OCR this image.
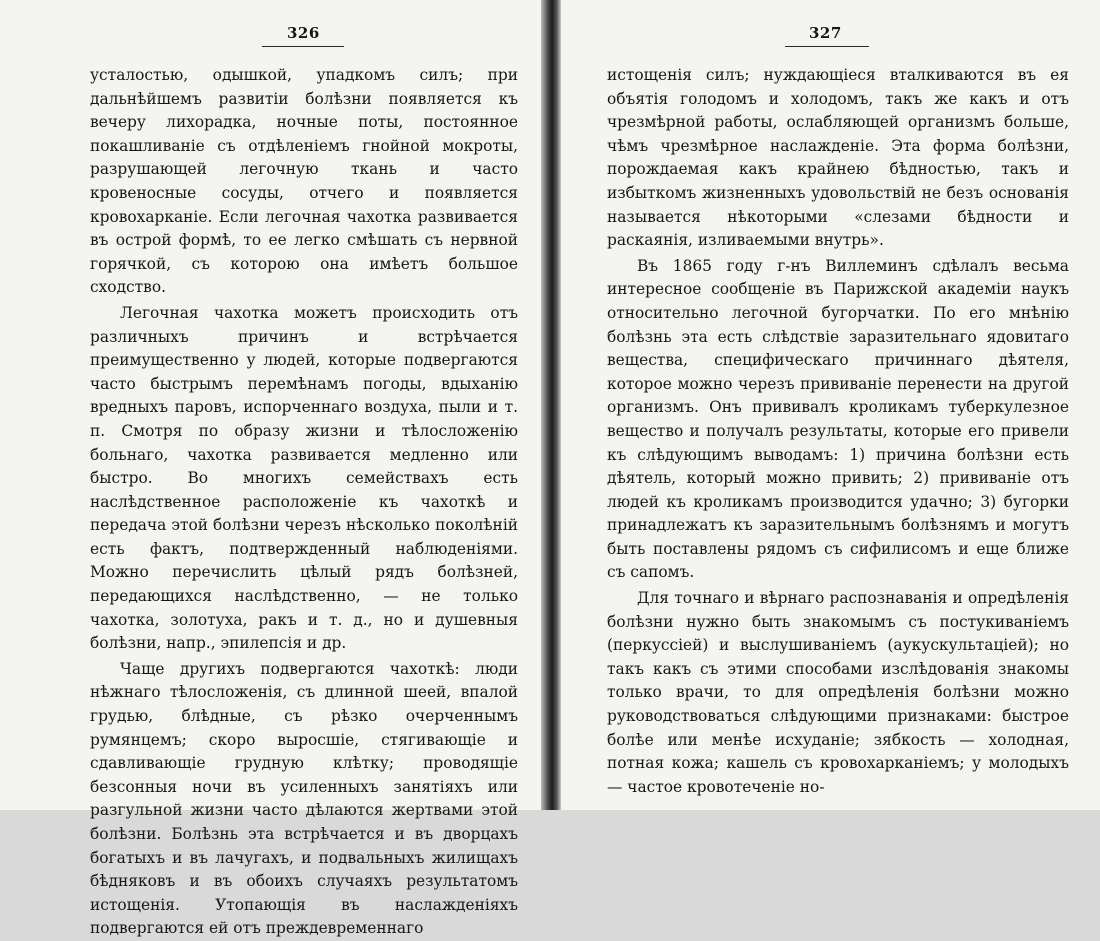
326

усталостью, одышкой, упадкомъ силъ; при дальнѣйшемъ развитіи болѣзни появляется къ вечеру лихорадка, ночные поты, постоянное покашливаніе съ отдѣленіемъ гнойной мокроты, разрушающей легочную ткань и часто кровеносные сосуды, отчего и появляется кровохарканіе. Если легочная чахотка развивается въ острой формѣ, то ее легко смѣшать съ нервной горячкой, съ которою она имѣетъ большое сходство.

Легочная чахотка можетъ происходить отъ различныхъ причинъ и встрѣчается преимущественно у людей, которые подвергаются часто быстрымъ перемѣнамъ погоды, вдыханію вредныхъ паровъ, испорченнаго воздуха, пыли и т. п. Смотря по образу жизни и тѣлосложенію больнаго, чахотка развивается медленно или быстро. Во многихъ семействахъ есть наслѣдственное расположеніе къ чахоткѣ и передача этой болѣзни черезъ нѣсколько поколѣній есть фактъ, подтвержденный наблюденіями. Можно перечислить цѣлый рядъ болѣзней, передающихся наслѣдственно, — не только чахотка, золотуха, ракъ и т. д., но и душевныя болѣзни, напр., эпилепсія и др.

Чаще другихъ подвергаются чахоткѣ: люди нѣжнаго тѣлосложенія, съ длинной шеей, впалой грудью, блѣдные, съ рѣзко очерченнымъ румянцемъ; скоро выросшіе, стягивающіе и сдавливающіе грудную клѣтку; проводящіе безсонныя ночи въ усиленныхъ занятіяхъ или разгульной жизни часто дѣлаются жертвами этой болѣзни. Болѣзнь эта встрѣчается и въ дворцахъ богатыхъ и въ лачугахъ, и подвальныхъ жилищахъ бѣдняковъ и въ обоихъ случаяхъ результатомъ истощенія. Утопающія въ наслажденіяхъ подвергаются ей отъ преждевременнаго

327

истощенія силъ; нуждающіеся вталкиваются въ ея объятія голодомъ и холодомъ, такъ же какъ и отъ чрезмѣрной работы, ослабляющей организмъ больше, чѣмъ чрезмѣрное наслажденіе. Эта форма болѣзни, порождаемая какъ крайнею бѣдностью, такъ и избыткомъ жизненныхъ удовольствій не безъ основанія называется нѣкоторыми «слезами бѣдности и раскаянія, изливаемыми внутрь».

Въ 1865 году г-нъ Виллеминъ сдѣлалъ весьма интересное сообщеніе въ Парижской академіи наукъ относительно легочной бугорчатки. По его мнѣнію болѣзнь эта есть слѣдствіе заразительнаго ядовитаго вещества, специфическаго причиннаго дѣятеля, которое можно черезъ прививаніе перенести на другой организмъ. Онъ прививалъ кроликамъ туберкулезное вещество и получалъ результаты, которые его привели къ слѣдующимъ выводамъ: 1) причина болѣзни есть дѣятель, который можно привить; 2) прививаніе отъ людей къ кроликамъ производится удачно; 3) бугорки принадлежатъ къ заразительнымъ болѣзнямъ и могутъ быть поставлены рядомъ съ сифилисомъ и еще ближе съ сапомъ.

Для точнаго и вѣрнаго распознаванія и опредѣленія болѣзни нужно быть знакомымъ съ постукиваніемъ (перкуссіей) и выслушиваніемъ (аукускультаціей); но такъ какъ съ этими способами изслѣдованія знакомы только врачи, то для опредѣленія болѣзни можно руководствоваться слѣдующими признаками: быстрое болѣе или менѣе исхуданіе; зябкость — холодная, потная кожа; кашель съ кровохарканіемъ; у молодыхъ — частое кровотеченіе но-
